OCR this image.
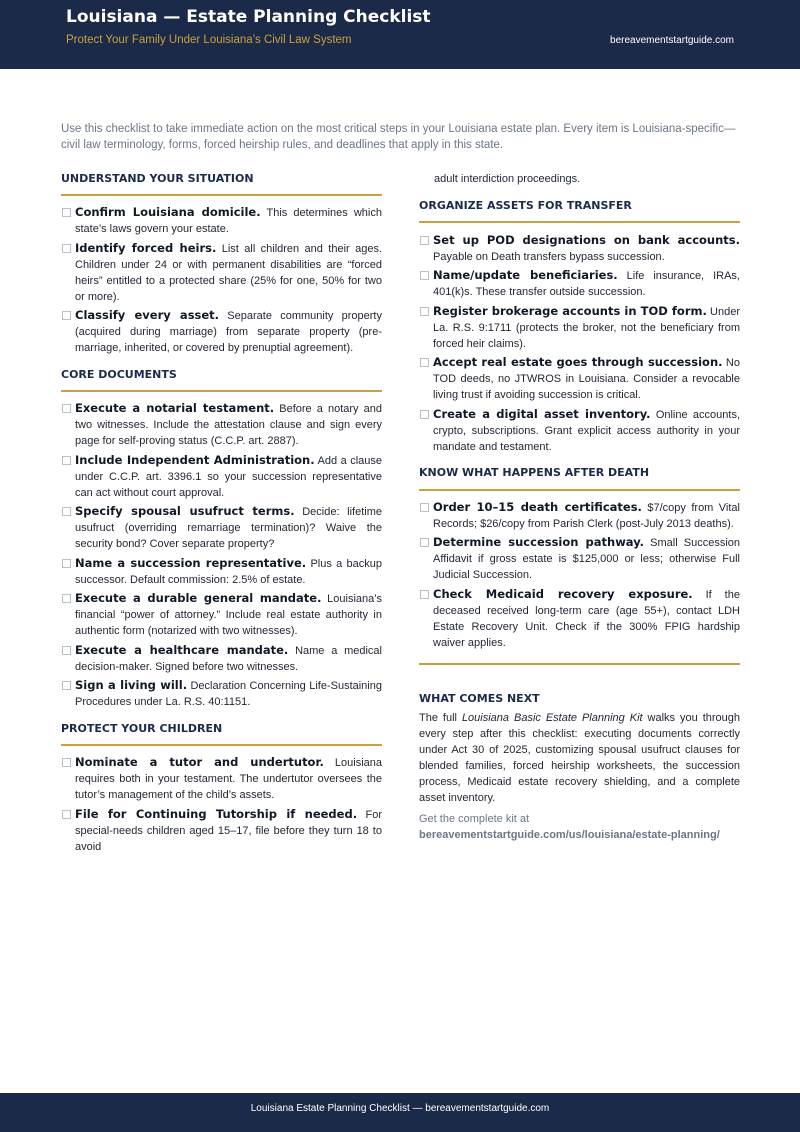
Louisiana — Estate Planning Checklist
Protect Your Family Under Louisiana’s Civil Law System	bereavementstartguide.com

Use this checklist to take immediate action on the most critical steps in your Louisiana estate plan. Every item is Louisiana-specific—civil law terminology, forms, forced heirship rules, and deadlines that apply in this state.

UNDERSTAND YOUR SITUATION
Confirm Louisiana domicile. This determines which state’s laws govern your estate.
Identify forced heirs. List all children and their ages. Children under 24 or with permanent disabilities are “forced heirs” entitled to a protected share (25% for one, 50% for two or more).
Classify every asset. Separate community property (acquired during marriage) from separate property (pre-marriage, inherited, or covered by prenuptial agreement).
CORE DOCUMENTS
Execute a notarial testament. Before a notary and two witnesses. Include the attestation clause and sign every page for self-proving status (C.C.P. art. 2887).
Include Independent Administration. Add a clause under C.C.P. art. 3396.1 so your succession representative can act without court approval.
Specify spousal usufruct terms. Decide: lifetime usufruct (overriding remarriage termination)? Waive the security bond? Cover separate property?
Name a succession representative. Plus a backup successor. Default commission: 2.5% of estate.
Execute a durable general mandate. Louisiana’s financial “power of attorney.” Include real estate authority in authentic form (notarized with two witnesses).
Execute a healthcare mandate. Name a medical decision-maker. Signed before two witnesses.
Sign a living will. Declaration Concerning Life-Sustaining Procedures under La. R.S. 40:1151.
PROTECT YOUR CHILDREN
Nominate a tutor and undertutor. Louisiana requires both in your testament. The undertutor oversees the tutor’s management of the child’s assets.
File for Continuing Tutorship if needed. For special-needs children aged 15–17, file before they turn 18 to avoid
adult interdiction proceedings.
ORGANIZE ASSETS FOR TRANSFER
Set up POD designations on bank accounts. Payable on Death transfers bypass succession.
Name/update beneficiaries. Life insurance, IRAs, 401(k)s. These transfer outside succession.
Register brokerage accounts in TOD form. Under La. R.S. 9:1711 (protects the broker, not the beneficiary from forced heir claims).
Accept real estate goes through succession. No TOD deeds, no JTWROS in Louisiana. Consider a revocable living trust if avoiding succession is critical.
Create a digital asset inventory. Online accounts, crypto, subscriptions. Grant explicit access authority in your mandate and testament.
KNOW WHAT HAPPENS AFTER DEATH
Order 10–15 death certificates. $7/copy from Vital Records; $26/copy from Parish Clerk (post-July 2013 deaths).
Determine succession pathway. Small Succession Affidavit if gross estate is $125,000 or less; otherwise Full Judicial Succession.
Check Medicaid recovery exposure. If the deceased received long-term care (age 55+), contact LDH Estate Recovery Unit. Check if the 300% FPIG hardship waiver applies.
WHAT COMES NEXT
The full Louisiana Basic Estate Planning Kit walks you through every step after this checklist: executing documents correctly under Act 30 of 2025, customizing spousal usufruct clauses for blended families, forced heirship worksheets, the succession process, Medicaid estate recovery shielding, and a complete asset inventory.
Get the complete kit at
bereavementstartguide.com/us/louisiana/estate-planning/
Louisiana Estate Planning Checklist — bereavementstartguide.com
